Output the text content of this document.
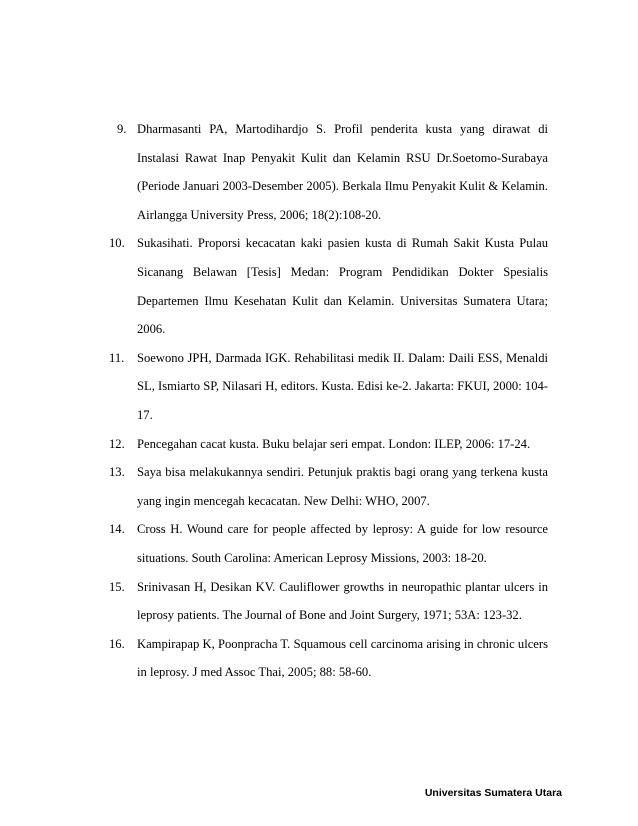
9. Dharmasanti PA, Martodihardjo S. Profil penderita kusta yang dirawat di Instalasi Rawat Inap Penyakit Kulit dan Kelamin RSU Dr.Soetomo-Surabaya (Periode Januari 2003-Desember 2005). Berkala Ilmu Penyakit Kulit & Kelamin. Airlangga University Press, 2006; 18(2):108-20.
10. Sukasihati. Proporsi kecacatan kaki pasien kusta di Rumah Sakit Kusta Pulau Sicanang Belawan [Tesis] Medan: Program Pendidikan Dokter Spesialis Departemen Ilmu Kesehatan Kulit dan Kelamin. Universitas Sumatera Utara; 2006.
11. Soewono JPH, Darmada IGK. Rehabilitasi medik II. Dalam: Daili ESS, Menaldi SL, Ismiarto SP, Nilasari H, editors. Kusta. Edisi ke-2. Jakarta: FKUI, 2000: 104-17.
12. Pencegahan cacat kusta. Buku belajar seri empat. London: ILEP, 2006: 17-24.
13. Saya bisa melakukannya sendiri. Petunjuk praktis bagi orang yang terkena kusta yang ingin mencegah kecacatan. New Delhi: WHO, 2007.
14. Cross H. Wound care for people affected by leprosy: A guide for low resource situations. South Carolina: American Leprosy Missions, 2003: 18-20.
15. Srinivasan H, Desikan KV. Cauliflower growths in neuropathic plantar ulcers in leprosy patients. The Journal of Bone and Joint Surgery, 1971; 53A: 123-32.
16. Kampirapap K, Poonpracha T. Squamous cell carcinoma arising in chronic ulcers in leprosy. J med Assoc Thai, 2005; 88: 58-60.
Universitas Sumatera Utara
